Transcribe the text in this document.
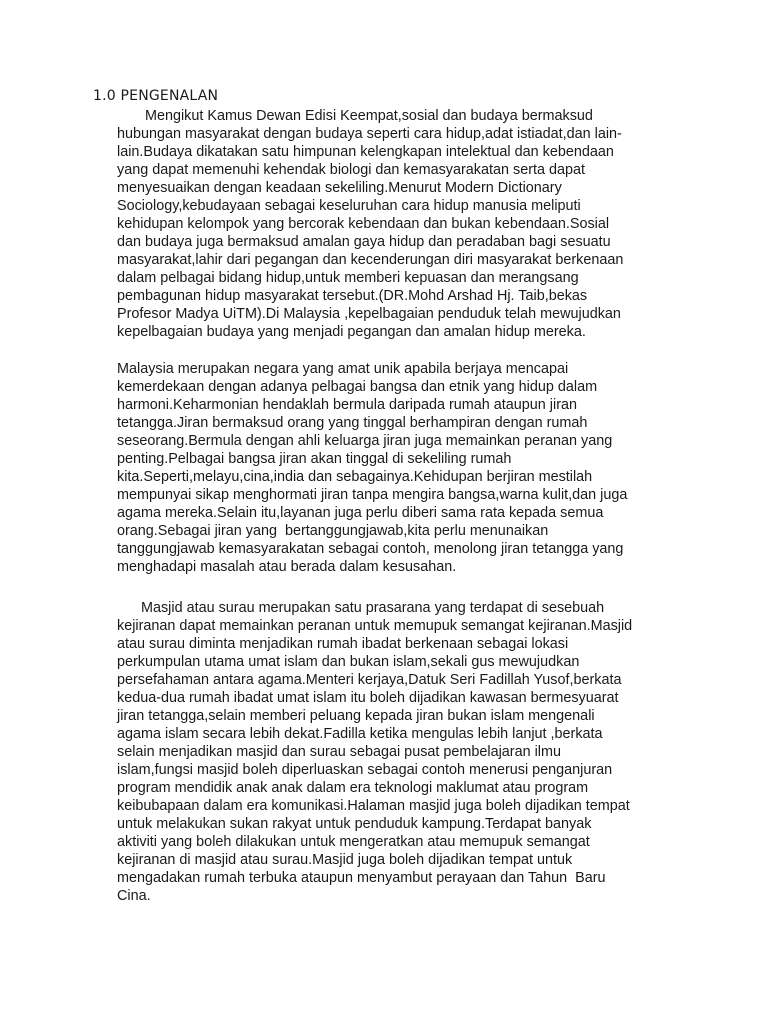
1.0 PENGENALAN
Mengikut Kamus Dewan Edisi Keempat,sosial dan budaya bermaksud
hubungan masyarakat dengan budaya seperti cara hidup,adat istiadat,dan lain-
lain.Budaya dikatakan satu himpunan kelengkapan intelektual dan kebendaan
yang dapat memenuhi kehendak biologi dan kemasyarakatan serta dapat
menyesuaikan dengan keadaan sekeliling.Menurut Modern Dictionary
Sociology,kebudayaan sebagai keseluruhan cara hidup manusia meliputi
kehidupan kelompok yang bercorak kebendaan dan bukan kebendaan.Sosial
dan budaya juga bermaksud amalan gaya hidup dan peradaban bagi sesuatu
masyarakat,lahir dari pegangan dan kecenderungan diri masyarakat berkenaan
dalam pelbagai bidang hidup,untuk memberi kepuasan dan merangsang
pembagunan hidup masyarakat tersebut.(DR.Mohd Arshad Hj. Taib,bekas
Profesor Madya UiTM).Di Malaysia ,kepelbagaian penduduk telah mewujudkan
kepelbagaian budaya yang menjadi pegangan dan amalan hidup mereka.
Malaysia merupakan negara yang amat unik apabila berjaya mencapai
kemerdekaan dengan adanya pelbagai bangsa dan etnik yang hidup dalam
harmoni.Keharmonian hendaklah bermula daripada rumah ataupun jiran
tetangga.Jiran bermaksud orang yang tinggal berhampiran dengan rumah
seseorang.Bermula dengan ahli keluarga jiran juga memainkan peranan yang
penting.Pelbagai bangsa jiran akan tinggal di sekeliling rumah
kita.Seperti,melayu,cina,india dan sebagainya.Kehidupan berjiran mestilah
mempunyai sikap menghormati jiran tanpa mengira bangsa,warna kulit,dan juga
agama mereka.Selain itu,layanan juga perlu diberi sama rata kepada semua
orang.Sebagai jiran yang  bertanggungjawab,kita perlu menunaikan
tanggungjawab kemasyarakatan sebagai contoh, menolong jiran tetangga yang
menghadapi masalah atau berada dalam kesusahan.
Masjid atau surau merupakan satu prasarana yang terdapat di sesebuah
kejiranan dapat memainkan peranan untuk memupuk semangat kejiranan.Masjid
atau surau diminta menjadikan rumah ibadat berkenaan sebagai lokasi
perkumpulan utama umat islam dan bukan islam,sekali gus mewujudkan
persefahaman antara agama.Menteri kerjaya,Datuk Seri Fadillah Yusof,berkata
kedua-dua rumah ibadat umat islam itu boleh dijadikan kawasan bermesyuarat
jiran tetangga,selain memberi peluang kepada jiran bukan islam mengenali
agama islam secara lebih dekat.Fadilla ketika mengulas lebih lanjut ,berkata
selain menjadikan masjid dan surau sebagai pusat pembelajaran ilmu
islam,fungsi masjid boleh diperluaskan sebagai contoh menerusi penganjuran
program mendidik anak anak dalam era teknologi maklumat atau program
keibubapaan dalam era komunikasi.Halaman masjid juga boleh dijadikan tempat
untuk melakukan sukan rakyat untuk penduduk kampung.Terdapat banyak
aktiviti yang boleh dilakukan untuk mengeratkan atau memupuk semangat
kejiranan di masjid atau surau.Masjid juga boleh dijadikan tempat untuk
mengadakan rumah terbuka ataupun menyambut perayaan dan Tahun  Baru
Cina.
